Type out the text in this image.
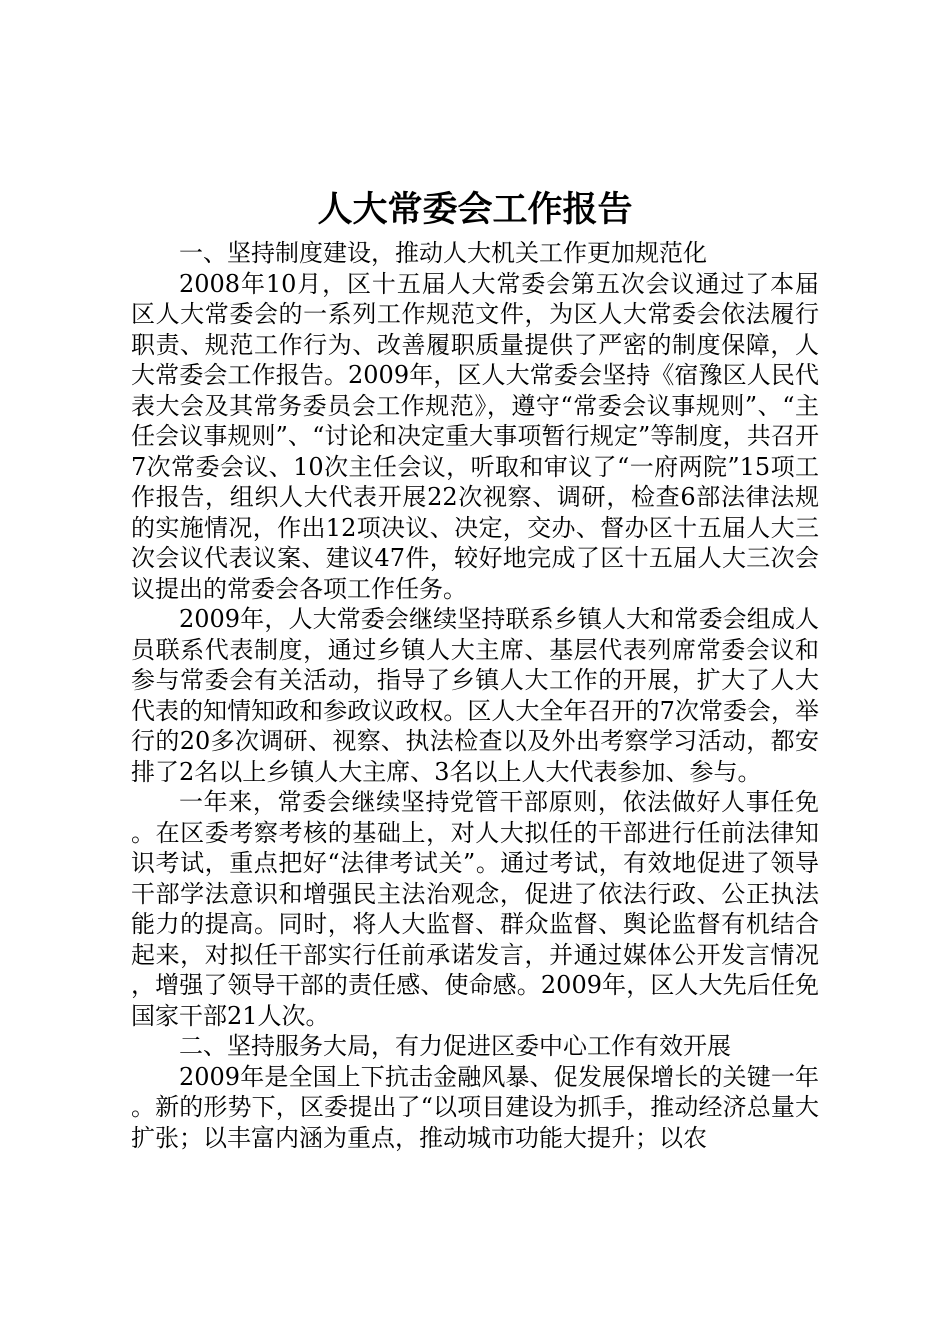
人大常委会工作报告

一、坚持制度建设，推动人大机关工作更加规范化

2008年10月，区十五届人大常委会第五次会议通过了本届区人大常委会的一系列工作规范文件，为区人大常委会依法履行职责、规范工作行为、改善履职质量提供了严密的制度保障，人大常委会工作报告。2009年，区人大常委会坚持《宿豫区人民代表大会及其常务委员会工作规范》，遵守“常委会议事规则”、“主任会议事规则”、“讨论和决定重大事项暂行规定”等制度，共召开7次常委会议、10次主任会议，听取和审议了“一府两院”15项工作报告，组织人大代表开展22次视察、调研，检查6部法律法规的实施情况，作出12项决议、决定，交办、督办区十五届人大三次会议代表议案、建议47件，较好地完成了区十五届人大三次会议提出的常委会各项工作任务。

2009年，人大常委会继续坚持联系乡镇人大和常委会组成人员联系代表制度，通过乡镇人大主席、基层代表列席常委会议和参与常委会有关活动，指导了乡镇人大工作的开展，扩大了人大代表的知情知政和参政议政权。区人大全年召开的7次常委会，举行的20多次调研、视察、执法检查以及外出考察学习活动，都安排了2名以上乡镇人大主席、3名以上人大代表参加、参与。

一年来，常委会继续坚持党管干部原则，依法做好人事任免。在区委考察考核的基础上，对人大拟任的干部进行任前法律知识考试，重点把好“法律考试关”。通过考试，有效地促进了领导干部学法意识和增强民主法治观念，促进了依法行政、公正执法能力的提高。同时，将人大监督、群众监督、舆论监督有机结合起来，对拟任干部实行任前承诺发言，并通过媒体公开发言情况，增强了领导干部的责任感、使命感。2009年，区人大先后任免国家干部21人次。

二、坚持服务大局，有力促进区委中心工作有效开展

2009年是全国上下抗击金融风暴、促发展保增长的关键一年。新的形势下，区委提出了“以项目建设为抓手，推动经济总量大扩张；以丰富内涵为重点，推动城市功能大提升；以农
